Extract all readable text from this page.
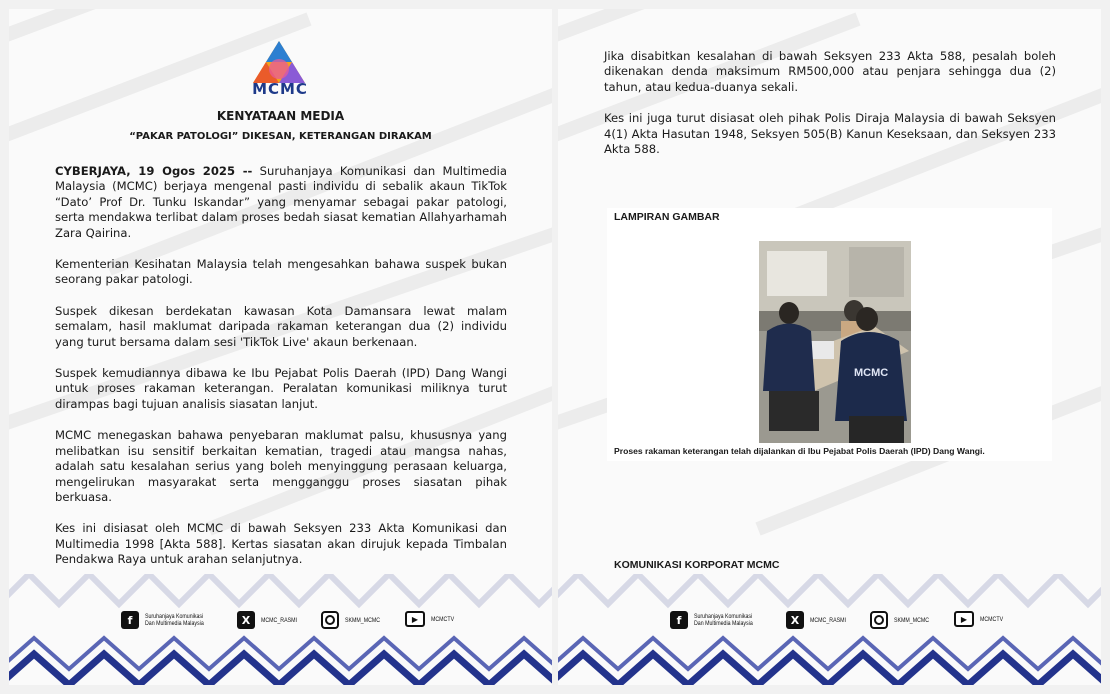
MCMC
KENYATAAN MEDIA
“PAKAR PATOLOGI” DIKESAN, KETERANGAN DIRAKAM

CYBERJAYA, 19 Ogos 2025 -- Suruhanjaya Komunikasi dan Multimedia Malaysia (MCMC) berjaya mengenal pasti individu di sebalik akaun TikTok “Dato’ Prof Dr. Tunku Iskandar” yang menyamar sebagai pakar patologi, serta mendakwa terlibat dalam proses bedah siasat kematian Allahyarhamah Zara Qairina.

Kementerian Kesihatan Malaysia telah mengesahkan bahawa suspek bukan seorang pakar patologi.

Suspek dikesan berdekatan kawasan Kota Damansara lewat malam semalam, hasil maklumat daripada rakaman keterangan dua (2) individu yang turut bersama dalam sesi 'TikTok Live' akaun berkenaan.

Suspek kemudiannya dibawa ke Ibu Pejabat Polis Daerah (IPD) Dang Wangi untuk proses rakaman keterangan. Peralatan komunikasi miliknya turut dirampas bagi tujuan analisis siasatan lanjut.

MCMC menegaskan bahawa penyebaran maklumat palsu, khususnya yang melibatkan isu sensitif berkaitan kematian, tragedi atau mangsa nahas, adalah satu kesalahan serius yang boleh menyinggung perasaan keluarga, mengelirukan masyarakat serta mengganggu proses siasatan pihak berkuasa.

Kes ini disiasat oleh MCMC di bawah Seksyen 233 Akta Komunikasi dan Multimedia 1998 [Akta 588]. Kertas siasatan akan dirujuk kepada Timbalan Pendakwa Raya untuk arahan selanjutnya.

f	Suruhanjaya Komunikasi
Dan Multimedia Malaysia	X	MCMC_RASMI	SKMM_MCMC	▶	MCMCTV

Jika disabitkan kesalahan di bawah Seksyen 233 Akta 588, pesalah boleh dikenakan denda maksimum RM500,000 atau penjara sehingga dua (2) tahun, atau kedua-duanya sekali.

Kes ini juga turut disiasat oleh pihak Polis Diraja Malaysia di bawah Seksyen 4(1) Akta Hasutan 1948, Seksyen 505(B) Kanun Keseksaan, dan Seksyen 233 Akta 588.

LAMPIRAN GAMBAR
MCMC
Proses rakaman keterangan telah dijalankan di Ibu Pejabat Polis Daerah (IPD) Dang Wangi.
KOMUNIKASI KORPORAT MCMC
f	Suruhanjaya Komunikasi
Dan Multimedia Malaysia	X	MCMC_RASMI	SKMM_MCMC	▶	MCMCTV
